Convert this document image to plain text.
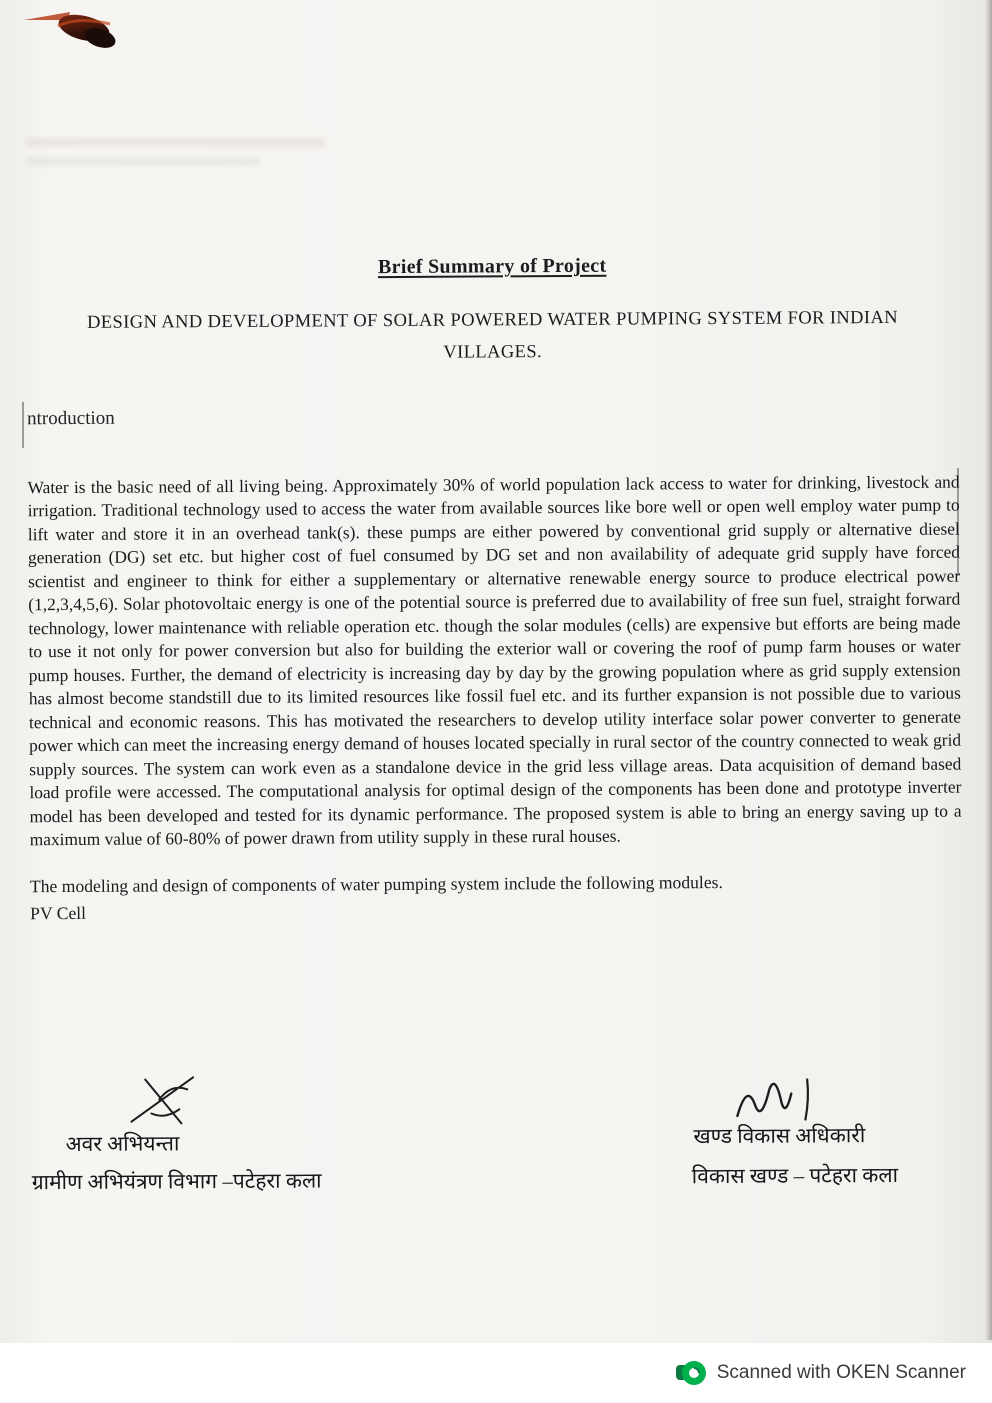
Brief Summary of Project
DESIGN AND DEVELOPMENT OF SOLAR POWERED WATER PUMPING SYSTEM FOR INDIAN VILLAGES.
ntroduction

Water is the basic need of all living being. Approximately 30% of world population lack access to water for drinking, livestock and irrigation. Traditional technology used to access the water from available sources like bore well or open well employ water pump to lift water and store it in an overhead tank(s). these pumps are either powered by conventional grid supply or alternative diesel generation (DG) set etc. but higher cost of fuel consumed by DG set and non availability of adequate grid supply have forced scientist and engineer to think for either a supplementary or alternative renewable energy source to produce electrical power (1,2,3,4,5,6). Solar photovoltaic energy is one of the potential source is preferred due to availability of free sun fuel, straight forward technology, lower maintenance with reliable operation etc. though the solar modules (cells) are expensive but efforts are being made to use it not only for power conversion but also for building the exterior wall or covering the roof of pump farm houses or water pump houses. Further, the demand of electricity is increasing day by day by the growing population where as grid supply extension has almost become standstill due to its limited resources like fossil fuel etc. and its further expansion is not possible due to various technical and economic reasons. This has motivated the researchers to develop utility interface solar power converter to generate power which can meet the increasing energy demand of houses located specially in rural sector of the country connected to weak grid supply sources. The system can work even as a standalone device in the grid less village areas. Data acquisition of demand based load profile were accessed. The computational analysis for optimal design of the components has been done and prototype inverter model has been developed and tested for its dynamic performance. The proposed system is able to bring an energy saving up to a maximum value of 60-80% of power drawn from utility supply in these rural houses.

The modeling and design of components of water pumping system include the following modules.

PV Cell

अवर अभियन्ता
ग्रामीण अभियंत्रण विभाग –पटेहरा कला
खण्ड विकास अधिकारी
विकास खण्ड – पटेहरा कला
Scanned with OKEN Scanner
